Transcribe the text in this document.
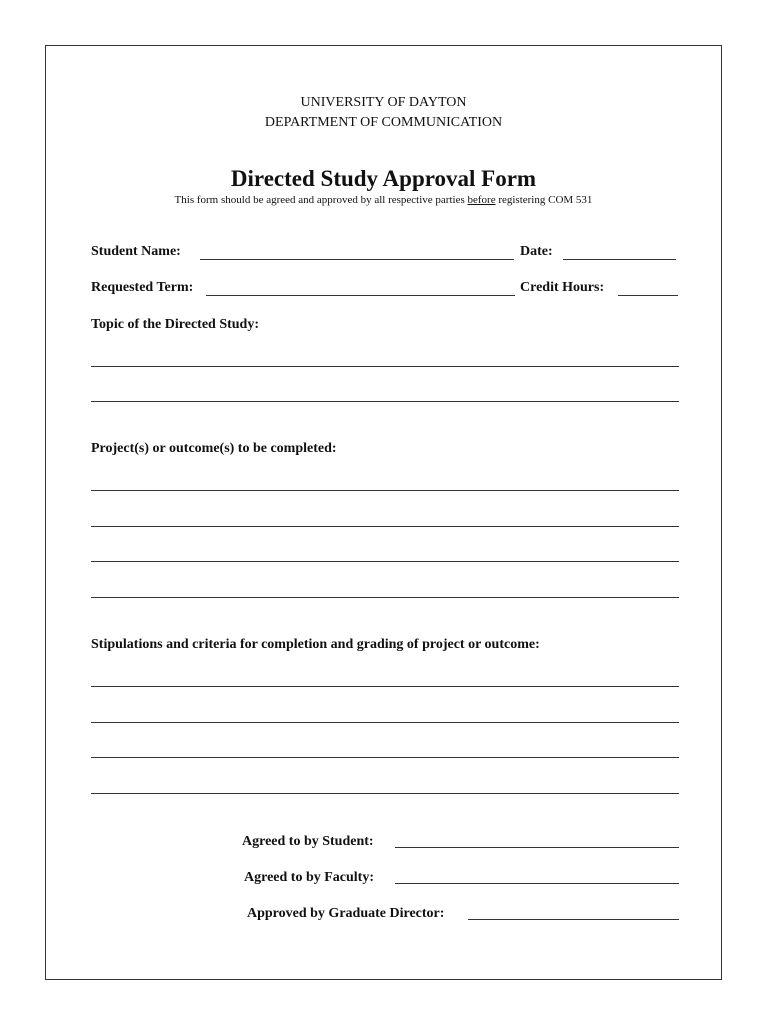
UNIVERSITY OF DAYTON
DEPARTMENT OF COMMUNICATION
Directed Study Approval Form
This form should be agreed and approved by all respective parties before registering COM 531
Student Name:	Date:
Requested Term:	Credit Hours:
Topic of the Directed Study:
Project(s) or outcome(s) to be completed:
Stipulations and criteria for completion and grading of project or outcome:
Agreed to by Student:
Agreed to by Faculty:
Approved by Graduate Director:
